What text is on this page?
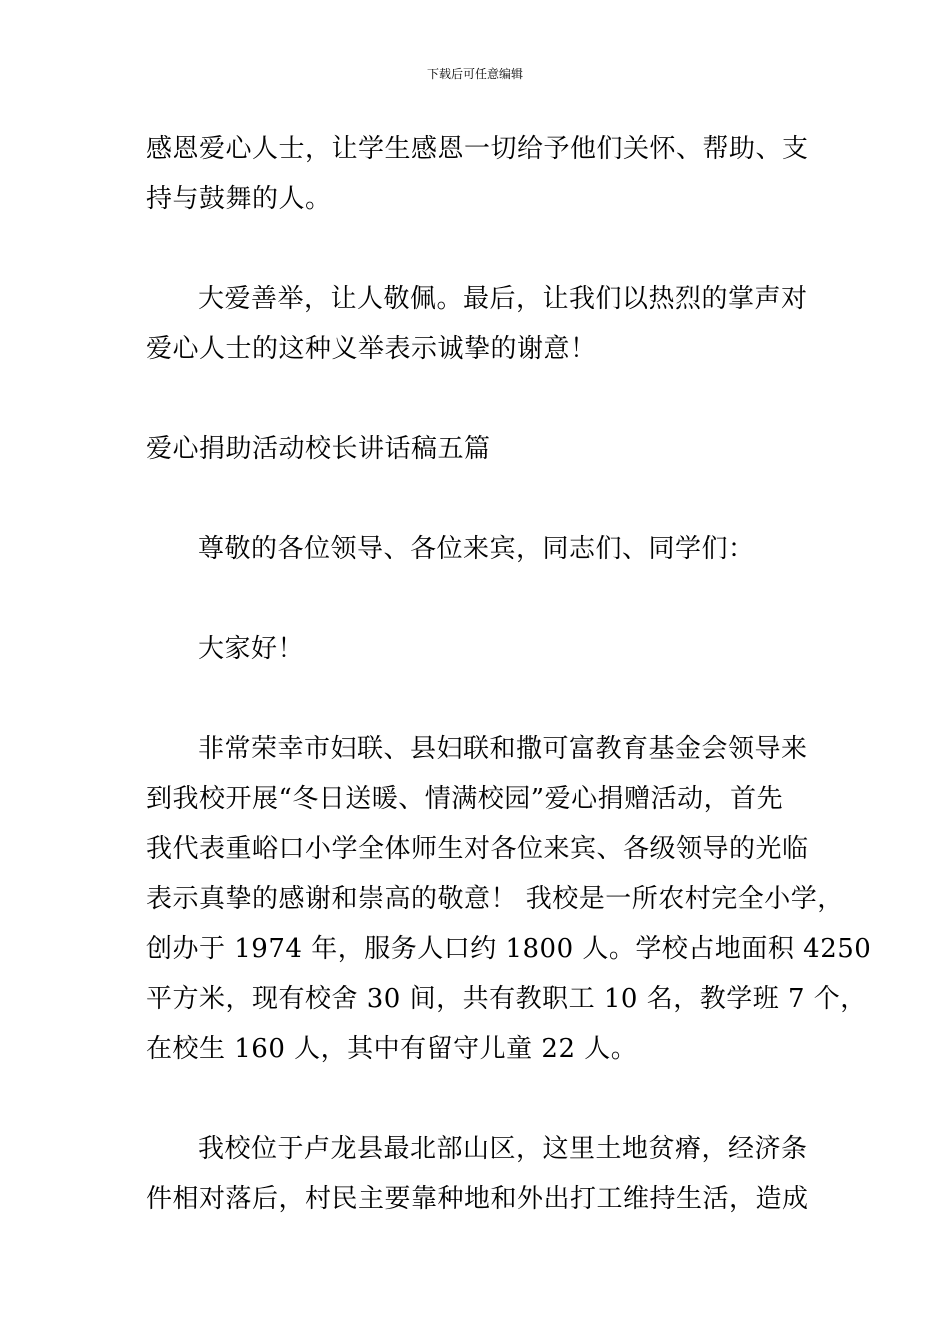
下载后可任意编辑
感恩爱心人士，让学生感恩一切给予他们关怀、帮助、支
持与鼓舞的人。
大爱善举，让人敬佩。最后，让我们以热烈的掌声对
爱心人士的这种义举表示诚挚的谢意！
爱心捐助活动校长讲话稿五篇
尊敬的各位领导、各位来宾，同志们、同学们：
大家好！
非常荣幸市妇联、县妇联和撒可富教育基金会领导来
到我校开展“冬日送暖、情满校园”爱心捐赠活动，首先
我代表重峪口小学全体师生对各位来宾、各级领导的光临
表示真挚的感谢和崇高的敬意！ 我校是一所农村完全小学，
创办于 1974 年，服务人口约 1800 人。学校占地面积 4250
平方米，现有校舍 30 间，共有教职工 10 名，教学班 7 个，
在校生 160 人，其中有留守儿童 22 人。
我校位于卢龙县最北部山区，这里土地贫瘠，经济条
件相对落后，村民主要靠种地和外出打工维持生活，造成
